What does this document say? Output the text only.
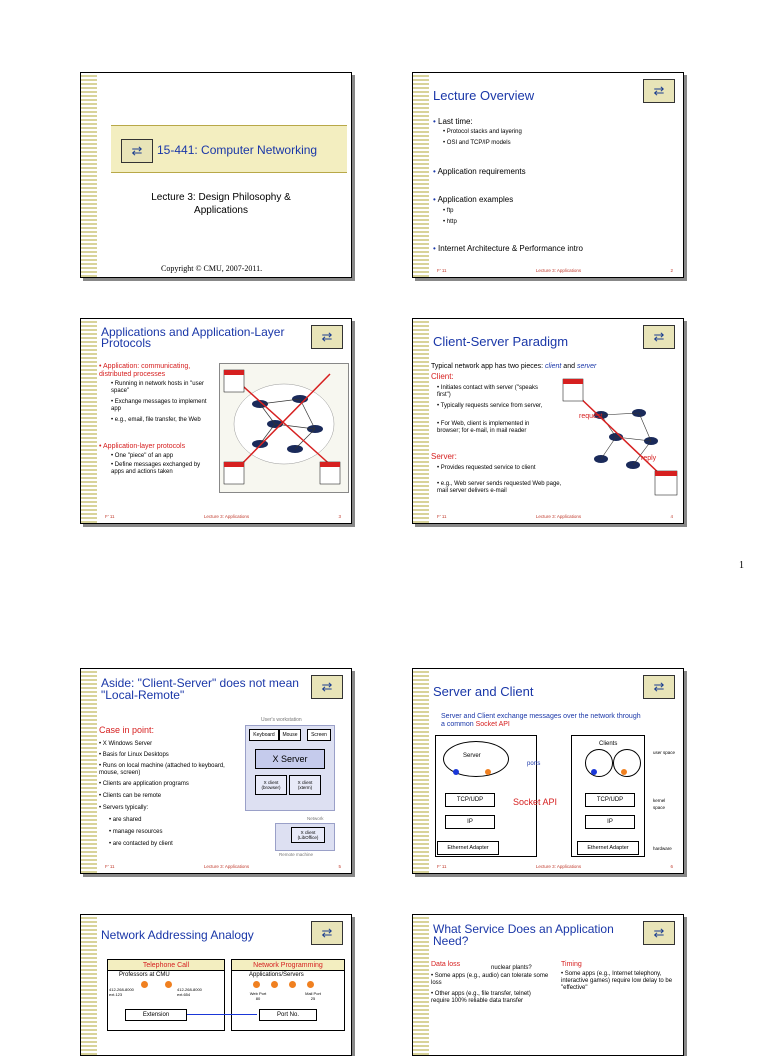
⇄	15-441: Computer Networking
Lecture 3: Design Philosophy & Applications
Copyright © CMU, 2007-2011.
⇄
Lecture Overview
• Last time:
• Protocol stacks and layering
• OSI and TCP/IP models
• Application requirements
• Application examples
• ftp
• http
• Internet Architecture & Performance intro
F' 11	Lecture 3: Applications	2
⇄
Applications and Application-Layer Protocols
• Application: communicating, distributed processes
• Running in network hosts in "user space"
• Exchange messages to implement app
• e.g., email, file transfer, the Web
• Application-layer protocols
• One "piece" of an app
• Define messages exchanged by apps and actions taken
F' 11	Lecture 3: Applications	3
⇄
Client-Server Paradigm
Typical network app has two pieces: client and server
Client:
• Initiates contact with server ("speaks first")
• Typically requests service from server,
• For Web, client is implemented in browser; for e-mail, in mail reader
Server:
• Provides requested service to client
• e.g., Web server sends requested Web page, mail server delivers e-mail
request
reply
F' 11	Lecture 3: Applications	4
1
⇄
Aside: "Client-Server" does not mean "Local-Remote"
Case in point:
• X Windows Server
• Basis for Linux Desktops
• Runs on local machine (attached to keyboard, mouse, screen)
• Clients are application programs
• Clients can be remote
• Servers typically:
• are shared
• manage resources
• are contacted by client
User's workstation
Keyboard	Mouse	Screen
X Server
X client (browser)
X client (xterm)
Network
X client (LibOffice)
Remote machine
F' 11	Lecture 3: Applications	5
⇄
Server and Client
Server and Client exchange messages over the network through a common Socket API
Server
Clients
ports
TCP/UDP
IP
Ethernet Adapter
TCP/UDP
IP
Ethernet Adapter
Socket API
user space
kernel space
hardware
F' 11	Lecture 3: Applications	6
⇄
Network Addressing Analogy
Telephone Call	Network Programming
Professors at CMU	Applications/Servers
412-268-8000 ext.123
412-268-8000 ext.654	Web Port 80
Mail Port 25
Extension	Port No.
⇄
What Service Does an Application Need?
Data loss	nuclear plants?
• Some apps (e.g., audio) can tolerate some loss
• Other apps (e.g., file transfer, telnet) require 100% reliable data transfer
Timing
• Some apps (e.g., Internet telephony, interactive games) require low delay to be "effective"
